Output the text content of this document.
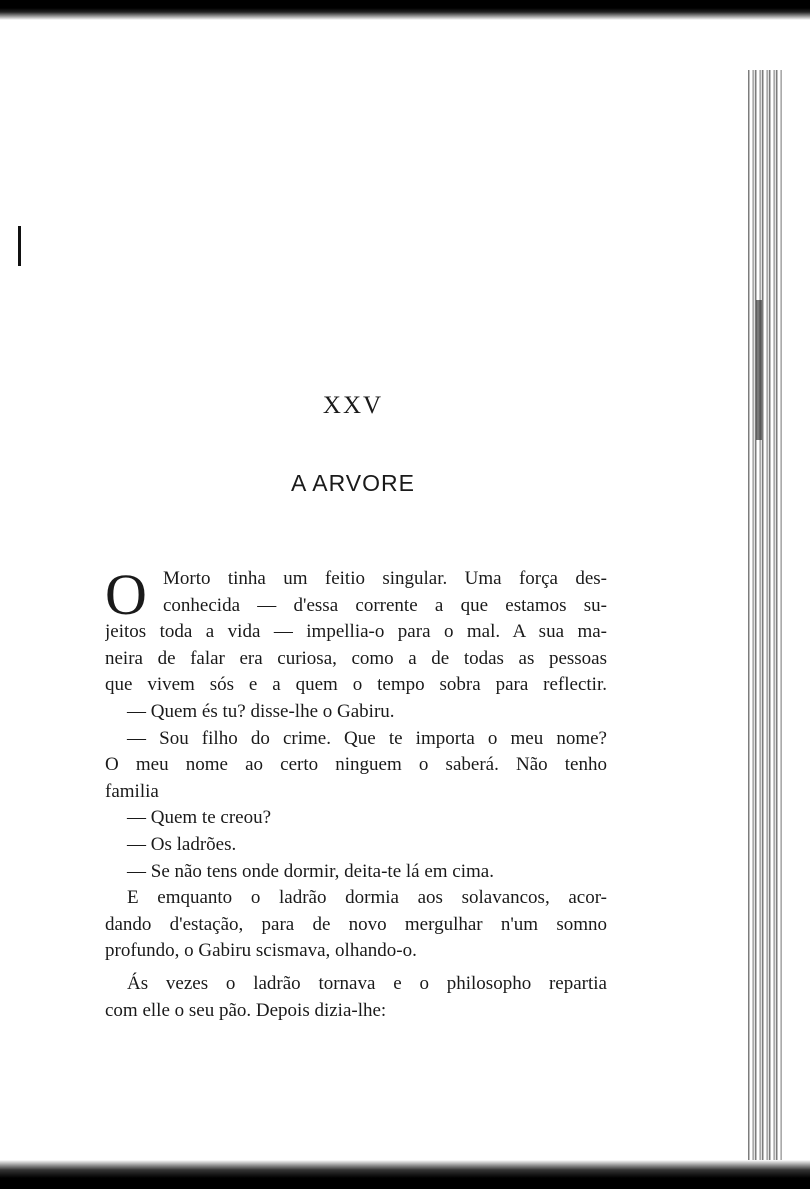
XXV
A ARVORE
O Morto tinha um feitio singular. Uma força des-
conhecida — d'essa corrente a que estamos su-
jeitos toda a vida — impellia-o para o mal. A sua ma-
neira de falar era curiosa, como a de todas as pessoas
que vivem sós e a quem o tempo sobra para reflectir.
— Quem és tu? disse-lhe o Gabiru.
— Sou filho do crime. Que te importa o meu nome?
O meu nome ao certo ninguem o saberá. Não tenho
familia
— Quem te creou?
— Os ladrões.
— Se não tens onde dormir, deita-te lá em cima.
E emquanto o ladrão dormia aos solavancos, acor-
dando d'estação, para de novo mergulhar n'um somno
profundo, o Gabiru scismava, olhando-o.
Ás vezes o ladrão tornava e o philosopho repartia
com elle o seu pão. Depois dizia-lhe:
